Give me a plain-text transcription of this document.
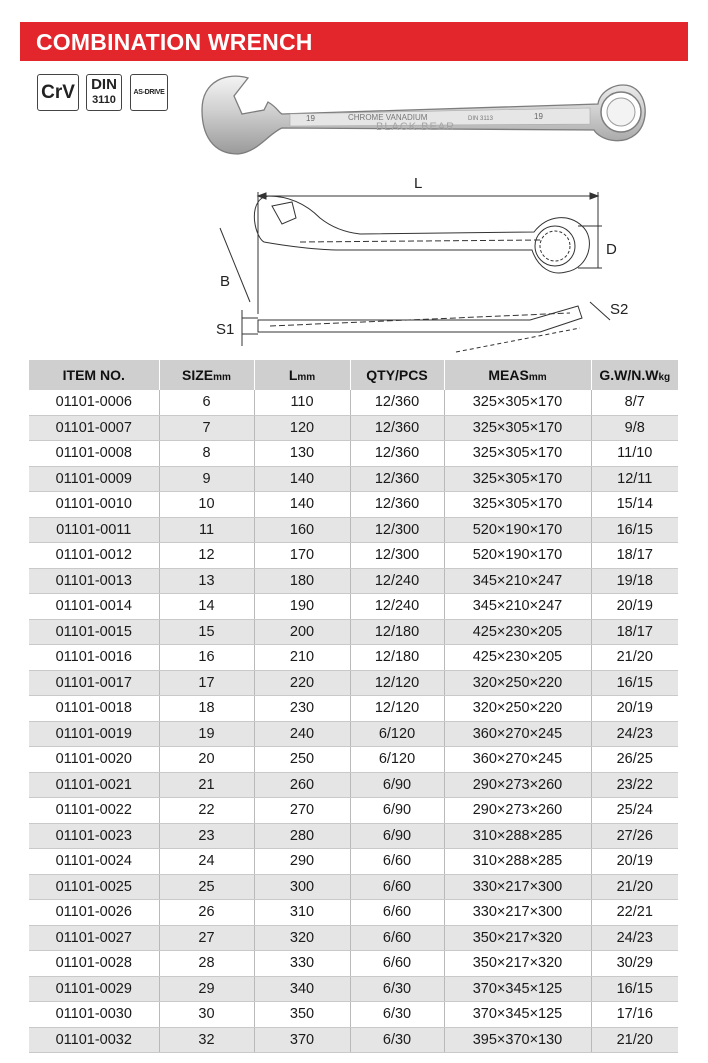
COMBINATION WRENCH
CrV DIN
3110
AS-DRIVE
19	CHROME VANADIUM	DIN 3113	19
BLACK BEAR
L
D
B
S1
S2
ITEM NO.	SIZEmm	Lmm	QTY/PCS	MEASmm	G.W/N.Wkg
01101-0006	6	110	12/360	325×305×170	8/7
01101-0007	7	120	12/360	325×305×170	9/8
01101-0008	8	130	12/360	325×305×170	11/10
01101-0009	9	140	12/360	325×305×170	12/11
01101-0010	10	140	12/360	325×305×170	15/14
01101-0011	11	160	12/300	520×190×170	16/15
01101-0012	12	170	12/300	520×190×170	18/17
01101-0013	13	180	12/240	345×210×247	19/18
01101-0014	14	190	12/240	345×210×247	20/19
01101-0015	15	200	12/180	425×230×205	18/17
01101-0016	16	210	12/180	425×230×205	21/20
01101-0017	17	220	12/120	320×250×220	16/15
01101-0018	18	230	12/120	320×250×220	20/19
01101-0019	19	240	6/120	360×270×245	24/23
01101-0020	20	250	6/120	360×270×245	26/25
01101-0021	21	260	6/90	290×273×260	23/22
01101-0022	22	270	6/90	290×273×260	25/24
01101-0023	23	280	6/90	310×288×285	27/26
01101-0024	24	290	6/60	310×288×285	20/19
01101-0025	25	300	6/60	330×217×300	21/20
01101-0026	26	310	6/60	330×217×300	22/21
01101-0027	27	320	6/60	350×217×320	24/23
01101-0028	28	330	6/60	350×217×320	30/29
01101-0029	29	340	6/30	370×345×125	16/15
01101-0030	30	350	6/30	370×345×125	17/16
01101-0032	32	370	6/30	395×370×130	21/20
